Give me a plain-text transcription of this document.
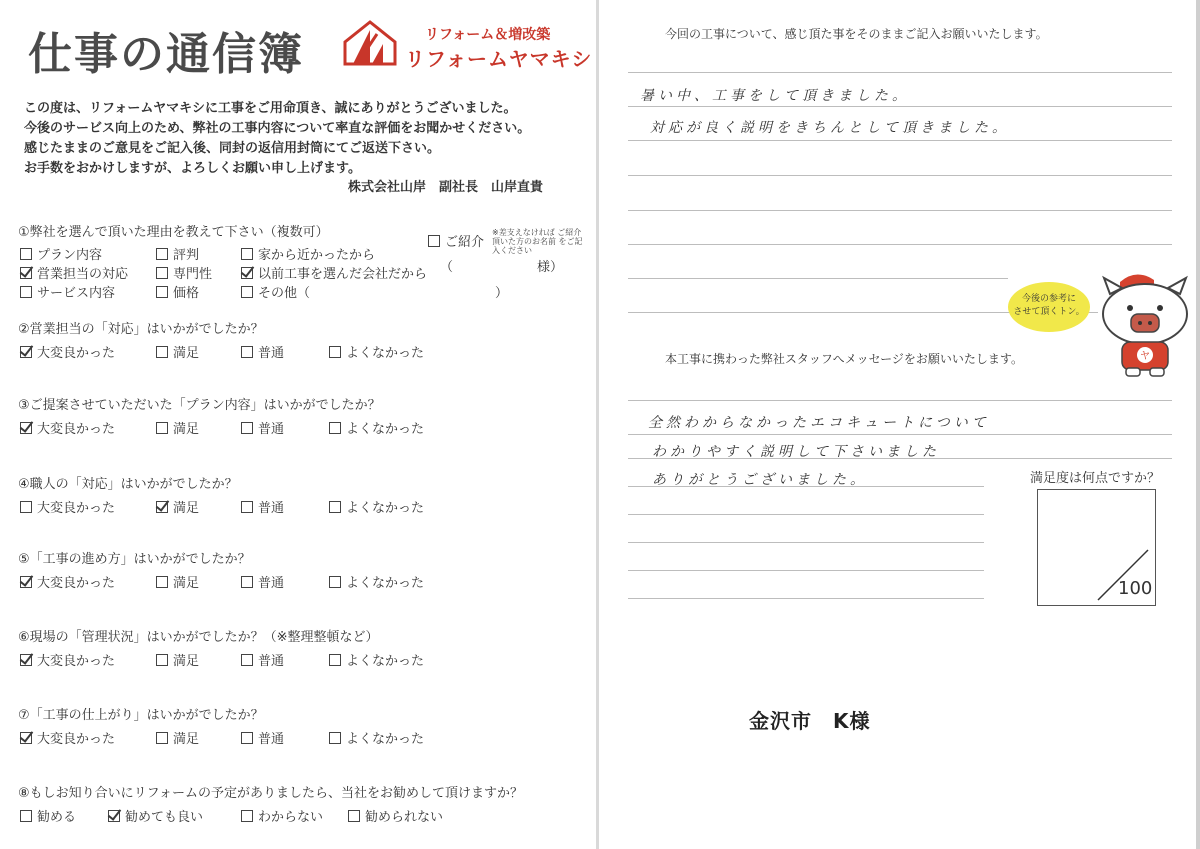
仕事の通信簿	リフォーム＆増改築
リフォームヤマキシ
この度は、リフォームヤマキシに工事をご用命頂き、誠にありがとうございました。
今後のサービス向上のため、弊社の工事内容について率直な評価をお聞かせください。
感じたままのご意見をご記入後、同封の返信用封筒にてご返送下さい。
お手数をおかけしますが、よろしくお願い申し上げます。
株式会社山岸　副社長　山岸直貴
①弊社を選んで頂いた理由を教えて下さい（複数可）
プラン内容	評判	家から近かったから
営業担当の対応	専門性	以前工事を選んだ会社だから
サービス内容	価格	その他（	）
ご紹介
※差支えなければ ご紹介頂いた方のお名前 をご記入ください
（	様）
②営業担当の「対応」はいかがでしたか？
大変良かった	満足	普通	よくなかった
③ご提案させていただいた「プラン内容」はいかがでしたか？
大変良かった	満足	普通	よくなかった
④職人の「対応」はいかがでしたか？
大変良かった	満足	普通	よくなかった
⑤「工事の進め方」はいかがでしたか？
大変良かった	満足	普通	よくなかった
⑥現場の「管理状況」はいかがでしたか？（※整理整頓など）
大変良かった	満足	普通	よくなかった
⑦「工事の仕上がり」はいかがでしたか？
大変良かった	満足	普通	よくなかった
⑧もしお知り合いにリフォームの予定がありましたら、当社をお勧めして頂けますか？
勧める	勧めても良い	わからない	勧められない
今回の工事について、感じ頂た事をそのままご記入お願いいたします。
暑い中、工事をして頂きました。
対応が良く説明をきちんとして頂きました。
今後の参考に
させて頂くトン。
ヤ
本工事に携わった弊社スタッフへメッセージをお願いいたします。
全然わからなかったエコキュートについて
わかりやすく説明して下さいました
ありがとうございました。	満足度は何点ですか？
100
金沢市　K様
